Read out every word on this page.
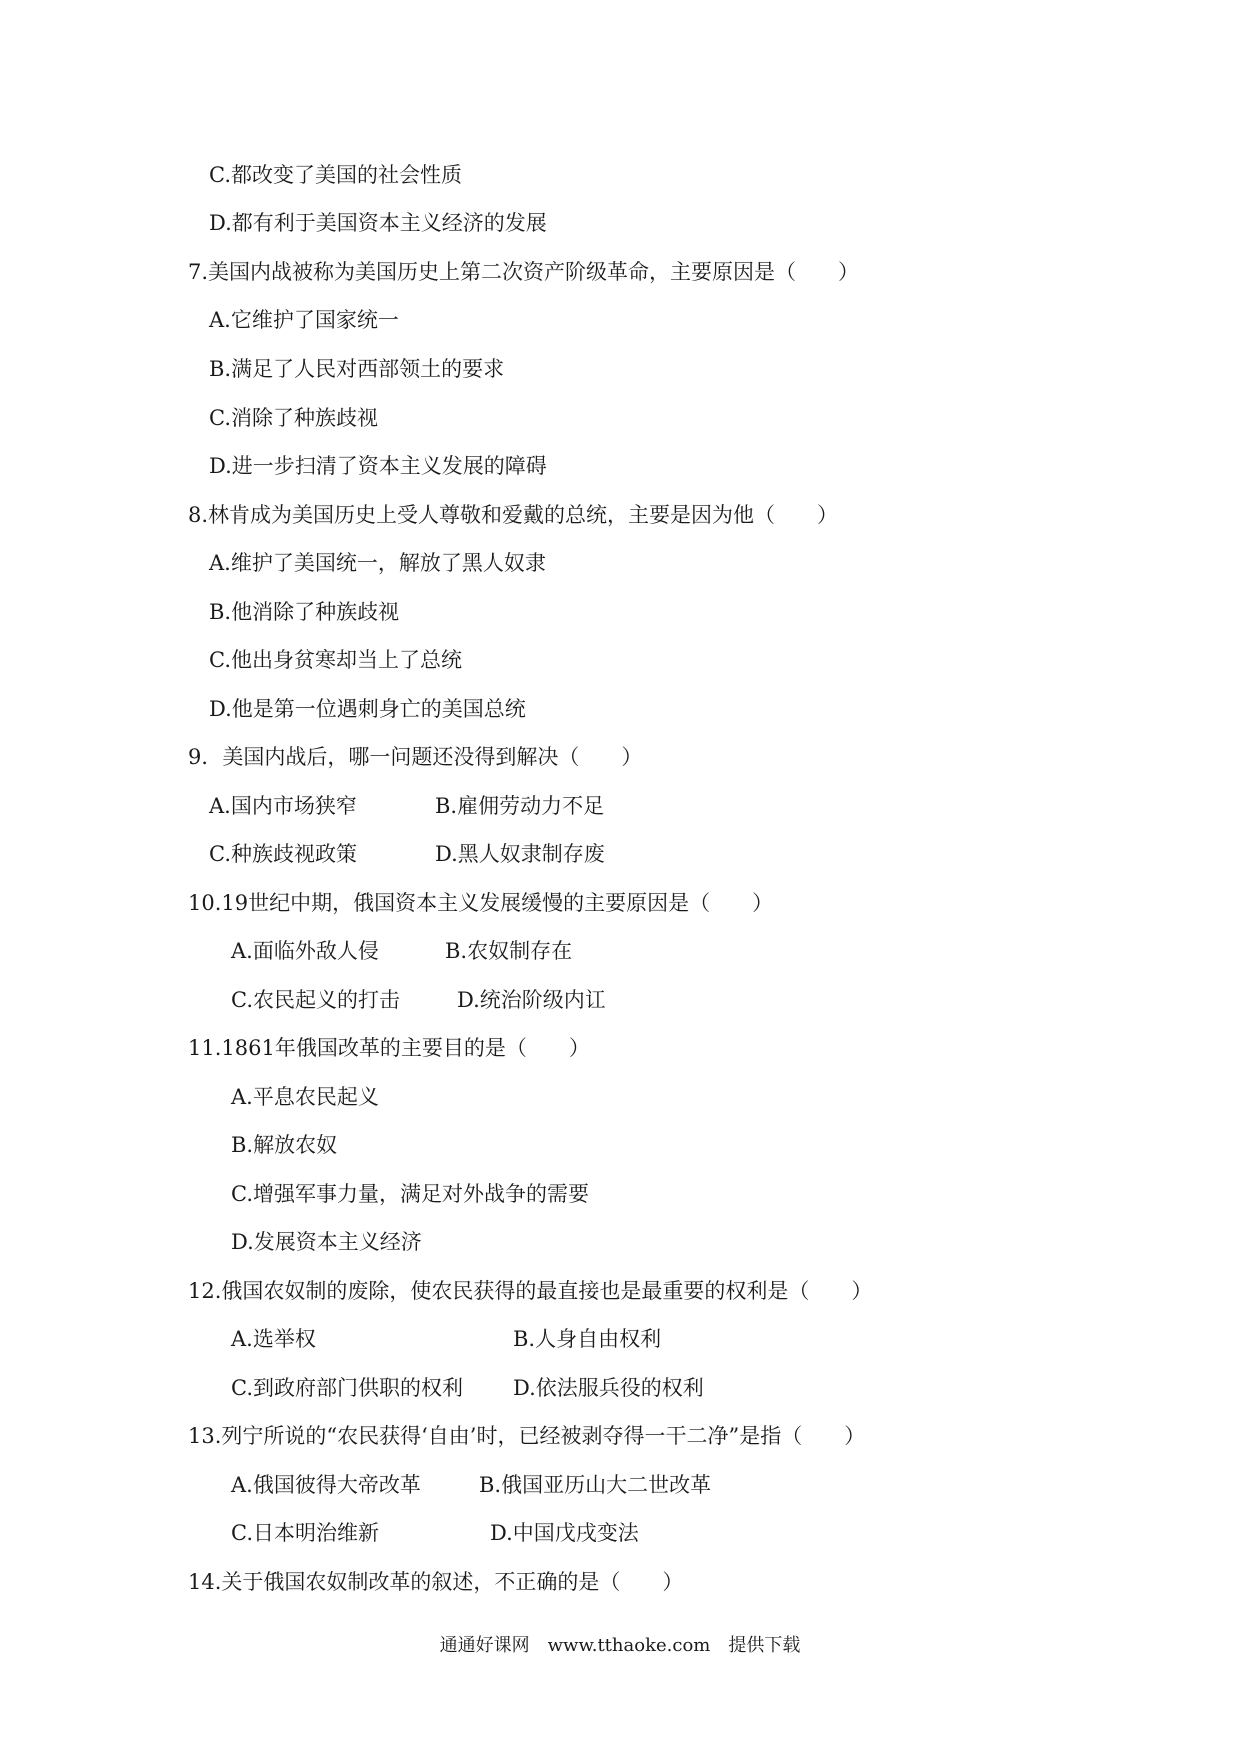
C.都改变了美国的社会性质
D.都有利于美国资本主义经济的发展
7.美国内战被称为美国历史上第二次资产阶级革命，主要原因是（　　）
A.它维护了国家统一
B.满足了人民对西部领土的要求
C.消除了种族歧视
D.进一步扫清了资本主义发展的障碍
8.林肯成为美国历史上受人尊敬和爱戴的总统，主要是因为他（　　）
A.维护了美国统一，解放了黑人奴隶
B.他消除了种族歧视
C.他出身贫寒却当上了总统
D.他是第一位遇刺身亡的美国总统
9．美国内战后，哪一问题还没得到解决（　　）
A.国内市场狭窄	B.雇佣劳动力不足
C.种族歧视政策	D.黑人奴隶制存废
10.19世纪中期，俄国资本主义发展缓慢的主要原因是（　　）
A.面临外敌人侵	B.农奴制存在
C.农民起义的打击	D.统治阶级内讧
11.1861年俄国改革的主要目的是（　　）
A.平息农民起义
B.解放农奴
C.增强军事力量，满足对外战争的需要
D.发展资本主义经济
12.俄国农奴制的废除，使农民获得的最直接也是最重要的权利是（　　）
A.选举权	B.人身自由权利
C.到政府部门供职的权利 D.依法服兵役的权利
13.列宁所说的“农民获得‘自由’时，已经被剥夺得一干二净”是指（　　）
A.俄国彼得大帝改革	B.俄国亚历山大二世改革
C.日本明治维新	D.中国戊戌变法
14.关于俄国农奴制改革的叙述，不正确的是（　　）
通通好课网　www.tthaoke.com　提供下载
